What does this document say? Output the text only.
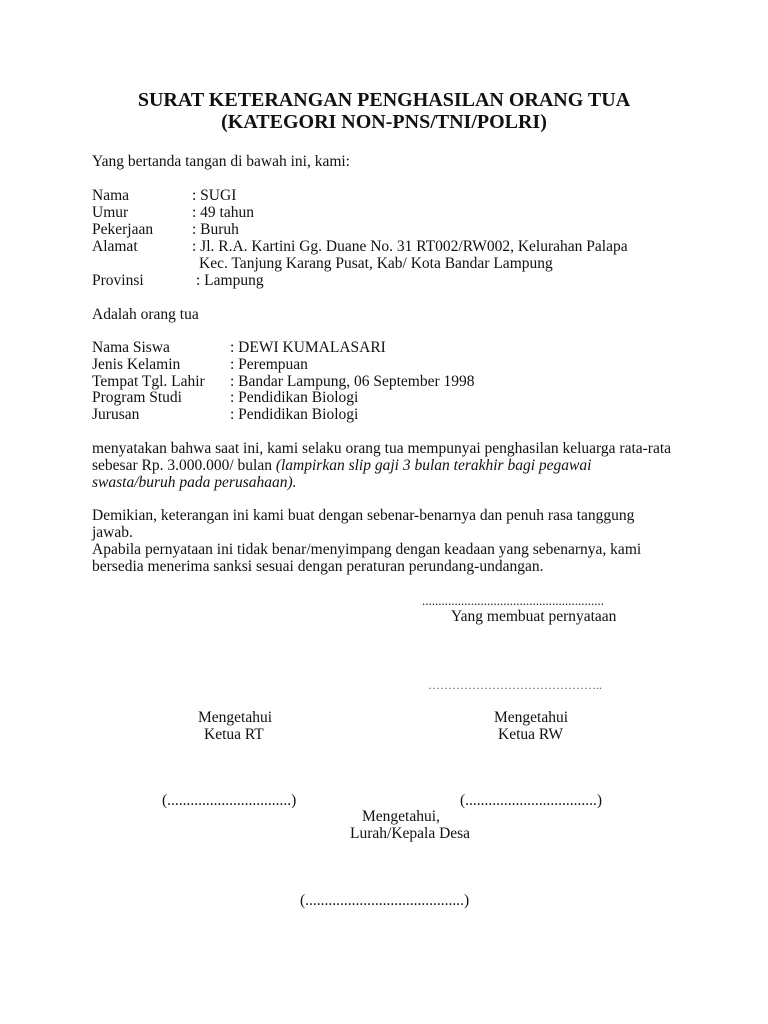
SURAT KETERANGAN PENGHASILAN ORANG TUA
(KATEGORI NON-PNS/TNI/POLRI)
Yang bertanda tangan di bawah ini, kami:
Nama	: SUGI
Umur	: 49 tahun
Pekerjaan	: Buruh
Alamat	: Jl. R.A. Kartini Gg. Duane No. 31 RT002/RW002, Kelurahan Palapa
Kec. Tanjung Karang Pusat, Kab/ Kota Bandar Lampung
Provinsi	: Lampung
Adalah orang tua
Nama Siswa	: DEWI KUMALASARI
Jenis Kelamin	: Perempuan
Tempat Tgl. Lahir : Bandar Lampung, 06 September 1998
Program Studi	: Pendidikan Biologi
Jurusan	: Pendidikan Biologi
menyatakan bahwa saat ini, kami selaku orang tua mempunyai penghasilan keluarga rata-rata
sebesar Rp. 3.000.000/ bulan (lampirkan slip gaji 3 bulan terakhir bagi pegawai
swasta/buruh pada perusahaan).
Demikian, keterangan ini kami buat dengan sebenar-benarnya dan penuh rasa tanggung
jawab.
Apabila pernyataan ini tidak benar/menyimpang dengan keadaan yang sebenarnya, kami
bersedia menerima sanksi sesuai dengan peraturan perundang-undangan.
........................................................
Yang membuat pernyataan
……………………………………..
Mengetahui
Ketua RT
Mengetahui
Ketua RW
(................................)	(..................................)
Mengetahui,
Lurah/Kepala Desa
(.........................................)
